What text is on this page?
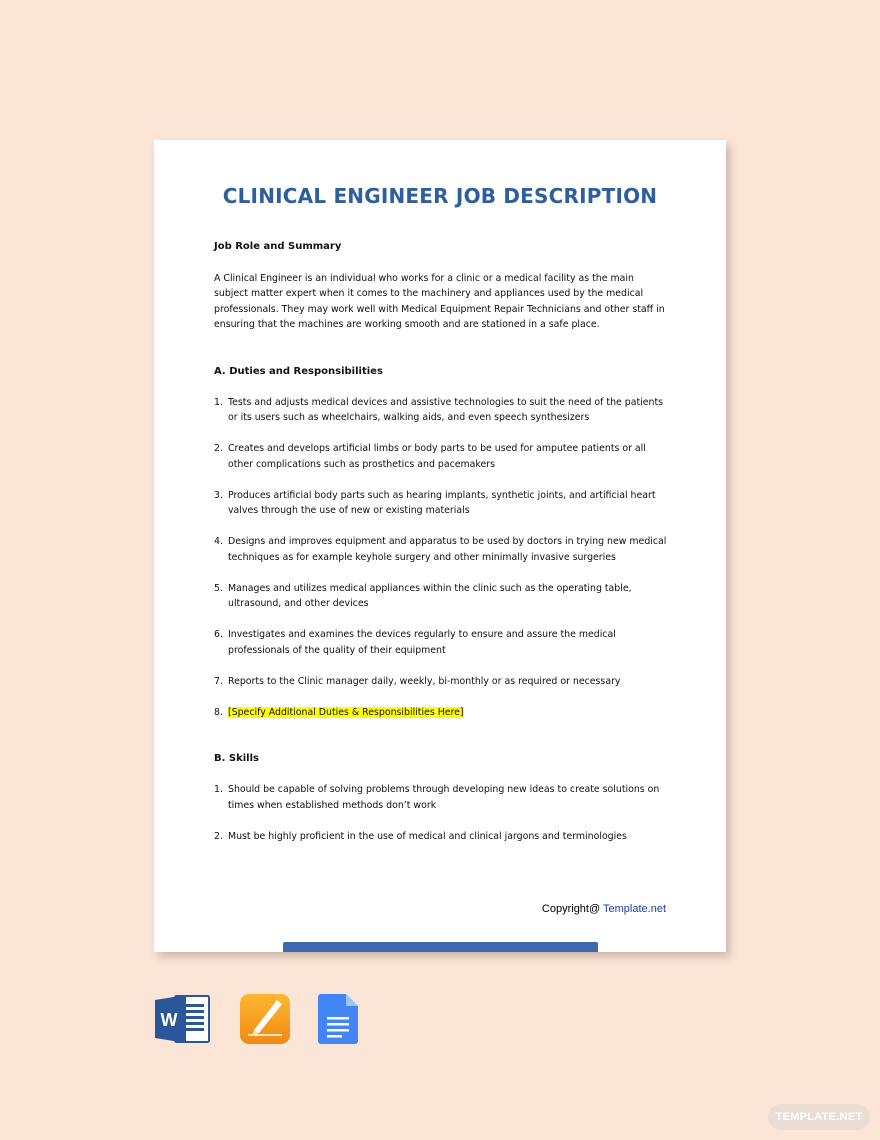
CLINICAL ENGINEER JOB DESCRIPTION

Job Role and Summary

A Clinical Engineer is an individual who works for a clinic or a medical facility as the main subject matter expert when it comes to the machinery and appliances used by the medical professionals. They may work well with Medical Equipment Repair Technicians and other staff in ensuring that the machines are working smooth and are stationed in a safe place.

A. Duties and Responsibilities

1. Tests and adjusts medical devices and assistive technologies to suit the need of the patients or its users such as wheelchairs, walking aids, and even speech synthesizers
2. Creates and develops artificial limbs or body parts to be used for amputee patients or all other complications such as prosthetics and pacemakers
3. Produces artificial body parts such as hearing implants, synthetic joints, and artificial heart valves through the use of new or existing materials
4. Designs and improves equipment and apparatus to be used by doctors in trying new medical techniques as for example keyhole surgery and other minimally invasive surgeries
5. Manages and utilizes medical appliances within the clinic such as the operating table, ultrasound, and other devices
6. Investigates and examines the devices regularly to ensure and assure the medical professionals of the quality of their equipment
7. Reports to the Clinic manager daily, weekly, bi-monthly or as required or necessary
8. [Specify Additional Duties & Responsibilities Here]

B. Skills

1. Should be capable of solving problems through developing new ideas to create solutions on times when established methods don’t work
2. Must be highly proficient in the use of medical and clinical jargons and terminologies
Copyright@ Template.net
W
TEMPLATE.NET
